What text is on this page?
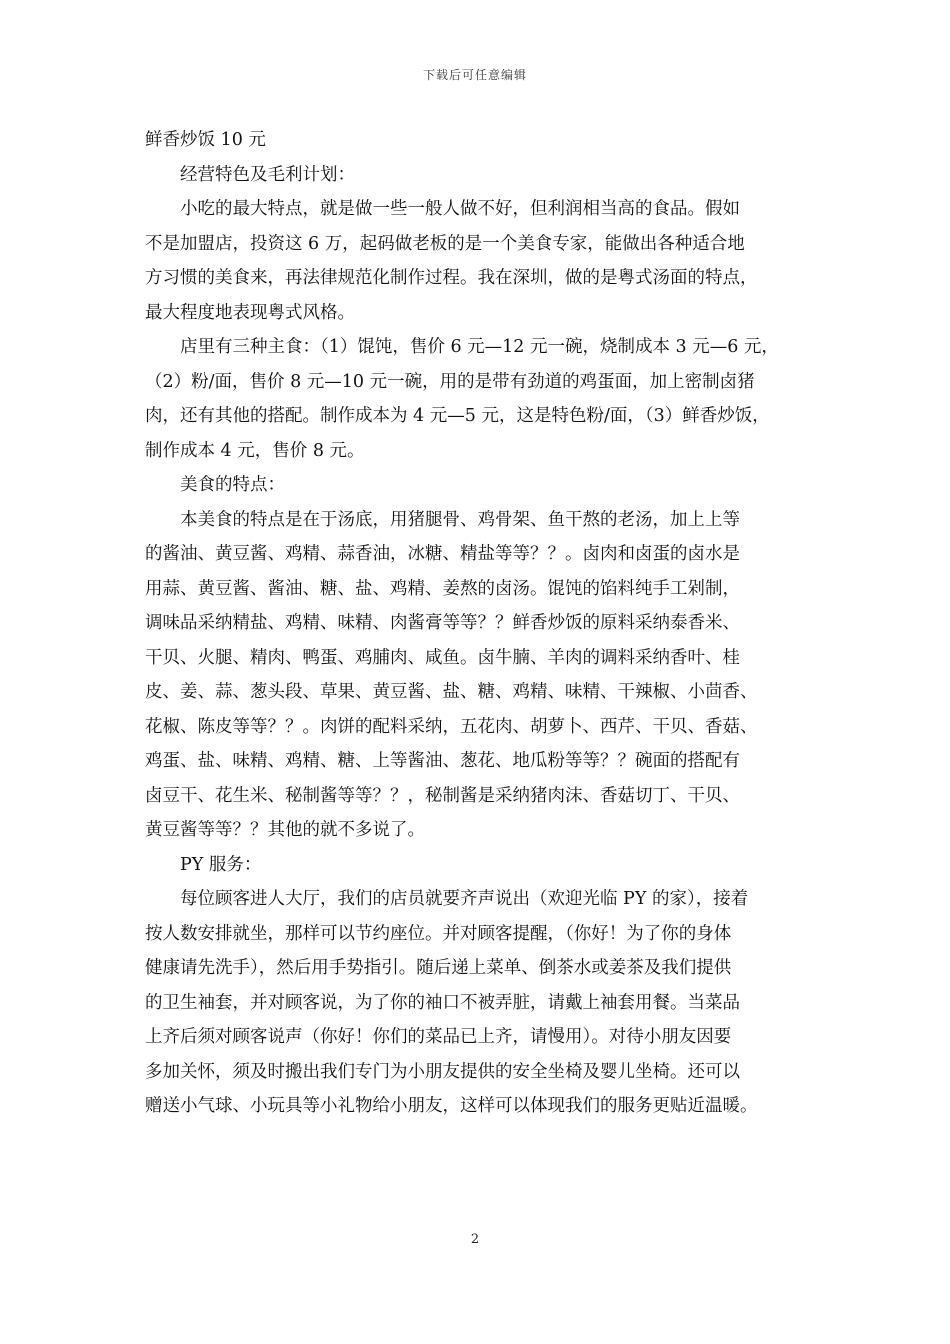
下载后可任意编辑
鲜香炒饭 10 元
经营特色及毛利计划：
小吃的最大特点，就是做一些一般人做不好，但利润相当高的食品。假如
不是加盟店，投资这 6 万，起码做老板的是一个美食专家，能做出各种适合地
方习惯的美食来，再法律规范化制作过程。我在深圳，做的是粤式汤面的特点，
最大程度地表现粤式风格。
店里有三种主食：（1）馄饨，售价 6 元—12 元一碗，烧制成本 3 元—6 元，
（2）粉/面，售价 8 元—10 元一碗，用的是带有劲道的鸡蛋面，加上密制卤猪
肉，还有其他的搭配。制作成本为 4 元—5 元，这是特色粉/面，（3）鲜香炒饭，
制作成本 4 元，售价 8 元。
美食的特点：
本美食的特点是在于汤底，用猪腿骨、鸡骨架、鱼干熬的老汤，加上上等
的酱油、黄豆酱、鸡精、蒜香油，冰糖、精盐等等？？。卤肉和卤蛋的卤水是
用蒜、黄豆酱、酱油、糖、盐、鸡精、姜熬的卤汤。馄饨的馅料纯手工剁制，
调味品采纳精盐、鸡精、味精、肉酱膏等等？？鲜香炒饭的原料采纳泰香米、
干贝、火腿、精肉、鸭蛋、鸡脯肉、咸鱼。卤牛腩、羊肉的调料采纳香叶、桂
皮、姜、蒜、葱头段、草果、黄豆酱、盐、糖、鸡精、味精、干辣椒、小茴香、
花椒、陈皮等等？？。肉饼的配料采纳，五花肉、胡萝卜、西芹、干贝、香菇、
鸡蛋、盐、味精、鸡精、糖、上等酱油、葱花、地瓜粉等等？？碗面的搭配有
卤豆干、花生米、秘制酱等等？？，秘制酱是采纳猪肉沫、香菇切丁、干贝、
黄豆酱等等？？其他的就不多说了。
PY 服务：
每位顾客进人大厅，我们的店员就要齐声说出（欢迎光临 PY 的家），接着
按人数安排就坐，那样可以节约座位。并对顾客提醒，（你好！为了你的身体
健康请先洗手），然后用手势指引。随后递上菜单、倒茶水或姜茶及我们提供
的卫生袖套，并对顾客说，为了你的袖口不被弄脏，请戴上袖套用餐。当菜品
上齐后须对顾客说声（你好！你们的菜品已上齐，请慢用）。对待小朋友因要
多加关怀，须及时搬出我们专门为小朋友提供的安全坐椅及婴儿坐椅。还可以
赠送小气球、小玩具等小礼物给小朋友，这样可以体现我们的服务更贴近温暖。
2
